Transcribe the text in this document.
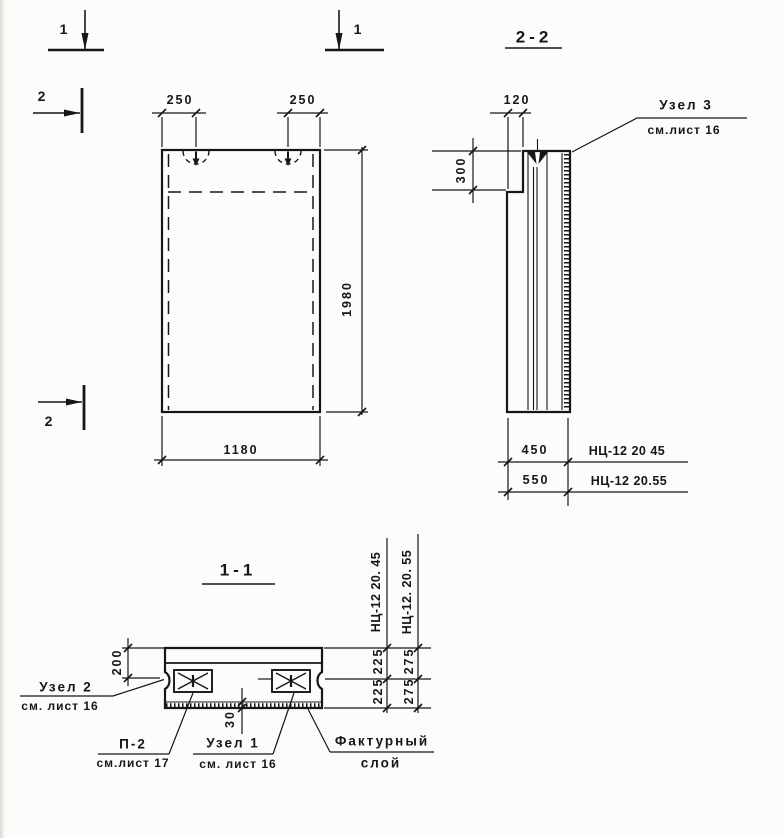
1	1
2
2
250	250
1980
1180
2-2
120
300
Узел 3
см.лист 16
450	НЦ-12 20 45
550	НЦ-12 20.55
1-1
200
30
НЦ-12 20. 45 НЦ-12. 20. 55
225
225
275
275
Узел 2
см. лист 16
П-2
см.лист 17
Узел 1
см. лист 16
Фактурный
слой
